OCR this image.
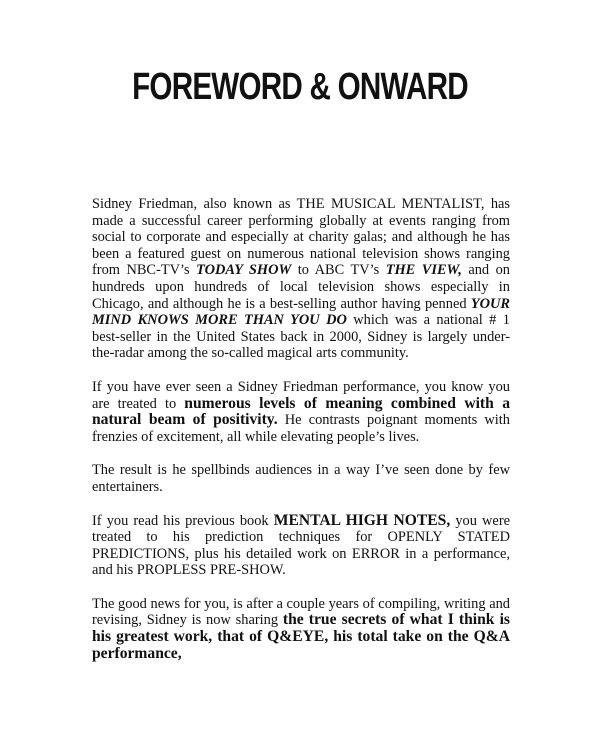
FOREWORD & ONWARD

Sidney Friedman, also known as THE MUSICAL MENTALIST, has made a successful career performing globally at events ranging from social to corporate and especially at charity galas; and although he has been a featured guest on numerous national television shows ranging from NBC-TV’s TODAY SHOW to ABC TV’s THE VIEW, and on hundreds upon hundreds of local television shows especially in Chicago, and although he is a best-selling author having penned YOUR MIND KNOWS MORE THAN YOU DO which was a national # 1 best-seller in the United States back in 2000, Sidney is largely under-the-radar among the so-called magical arts community.

If you have ever seen a Sidney Friedman performance, you know you are treated to numerous levels of meaning combined with a natural beam of positivity. He contrasts poignant moments with frenzies of excitement, all while elevating people’s lives.

The result is he spellbinds audiences in a way I’ve seen done by few entertainers.

If you read his previous book MENTAL HIGH NOTES, you were treated to his prediction techniques for OPENLY STATED PREDICTIONS, plus his detailed work on ERROR in a performance, and his PROPLESS PRE-SHOW.

The good news for you, is after a couple years of compiling, writing and revising, Sidney is now sharing the true secrets of what I think is his greatest work, that of Q&EYE, his total take on the Q&A performance,
